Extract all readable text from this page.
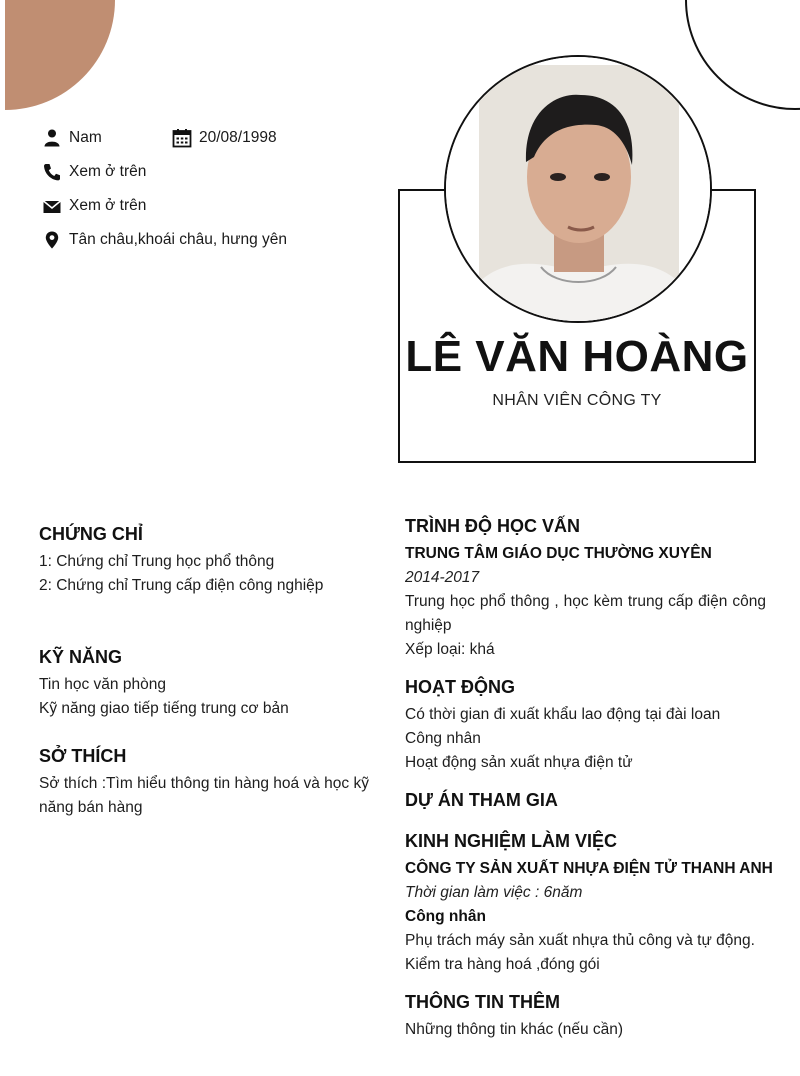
Nam	20/08/1998
Xem ở trên
Xem ở trên
Tân châu,khoái châu, hưng yên
LÊ VĂN HOÀNG
NHÂN VIÊN CÔNG TY
CHỨNG CHỈ
1: Chứng chỉ Trung học phổ thông
2: Chứng chỉ Trung cấp điện công nghiệp
KỸ NĂNG
Tin học văn phòng
Kỹ năng giao tiếp tiếng trung cơ bản
SỞ THÍCH
Sở thích :Tìm hiểu thông tin hàng hoá và học kỹ năng bán hàng
TRÌNH ĐỘ HỌC VẤN
TRUNG TÂM GIÁO DỤC THƯỜNG XUYÊN
2014-2017
Trung học phổ thông , học kèm trung cấp điện công nghiệp
Xếp loại: khá
HOẠT ĐỘNG
Có thời gian đi xuất khẩu lao động tại đài loan
Công nhân
Hoạt động sản xuất nhựa điện tử
DỰ ÁN THAM GIA
KINH NGHIỆM LÀM VIỆC
CÔNG TY SẢN XUẤT NHỰA ĐIỆN TỬ THANH ANH
Thời gian làm việc : 6năm
Công nhân
Phụ trách máy sản xuất nhựa thủ công và tự động.
Kiểm tra hàng hoá ,đóng gói
THÔNG TIN THÊM
Những thông tin khác (nếu cần)
